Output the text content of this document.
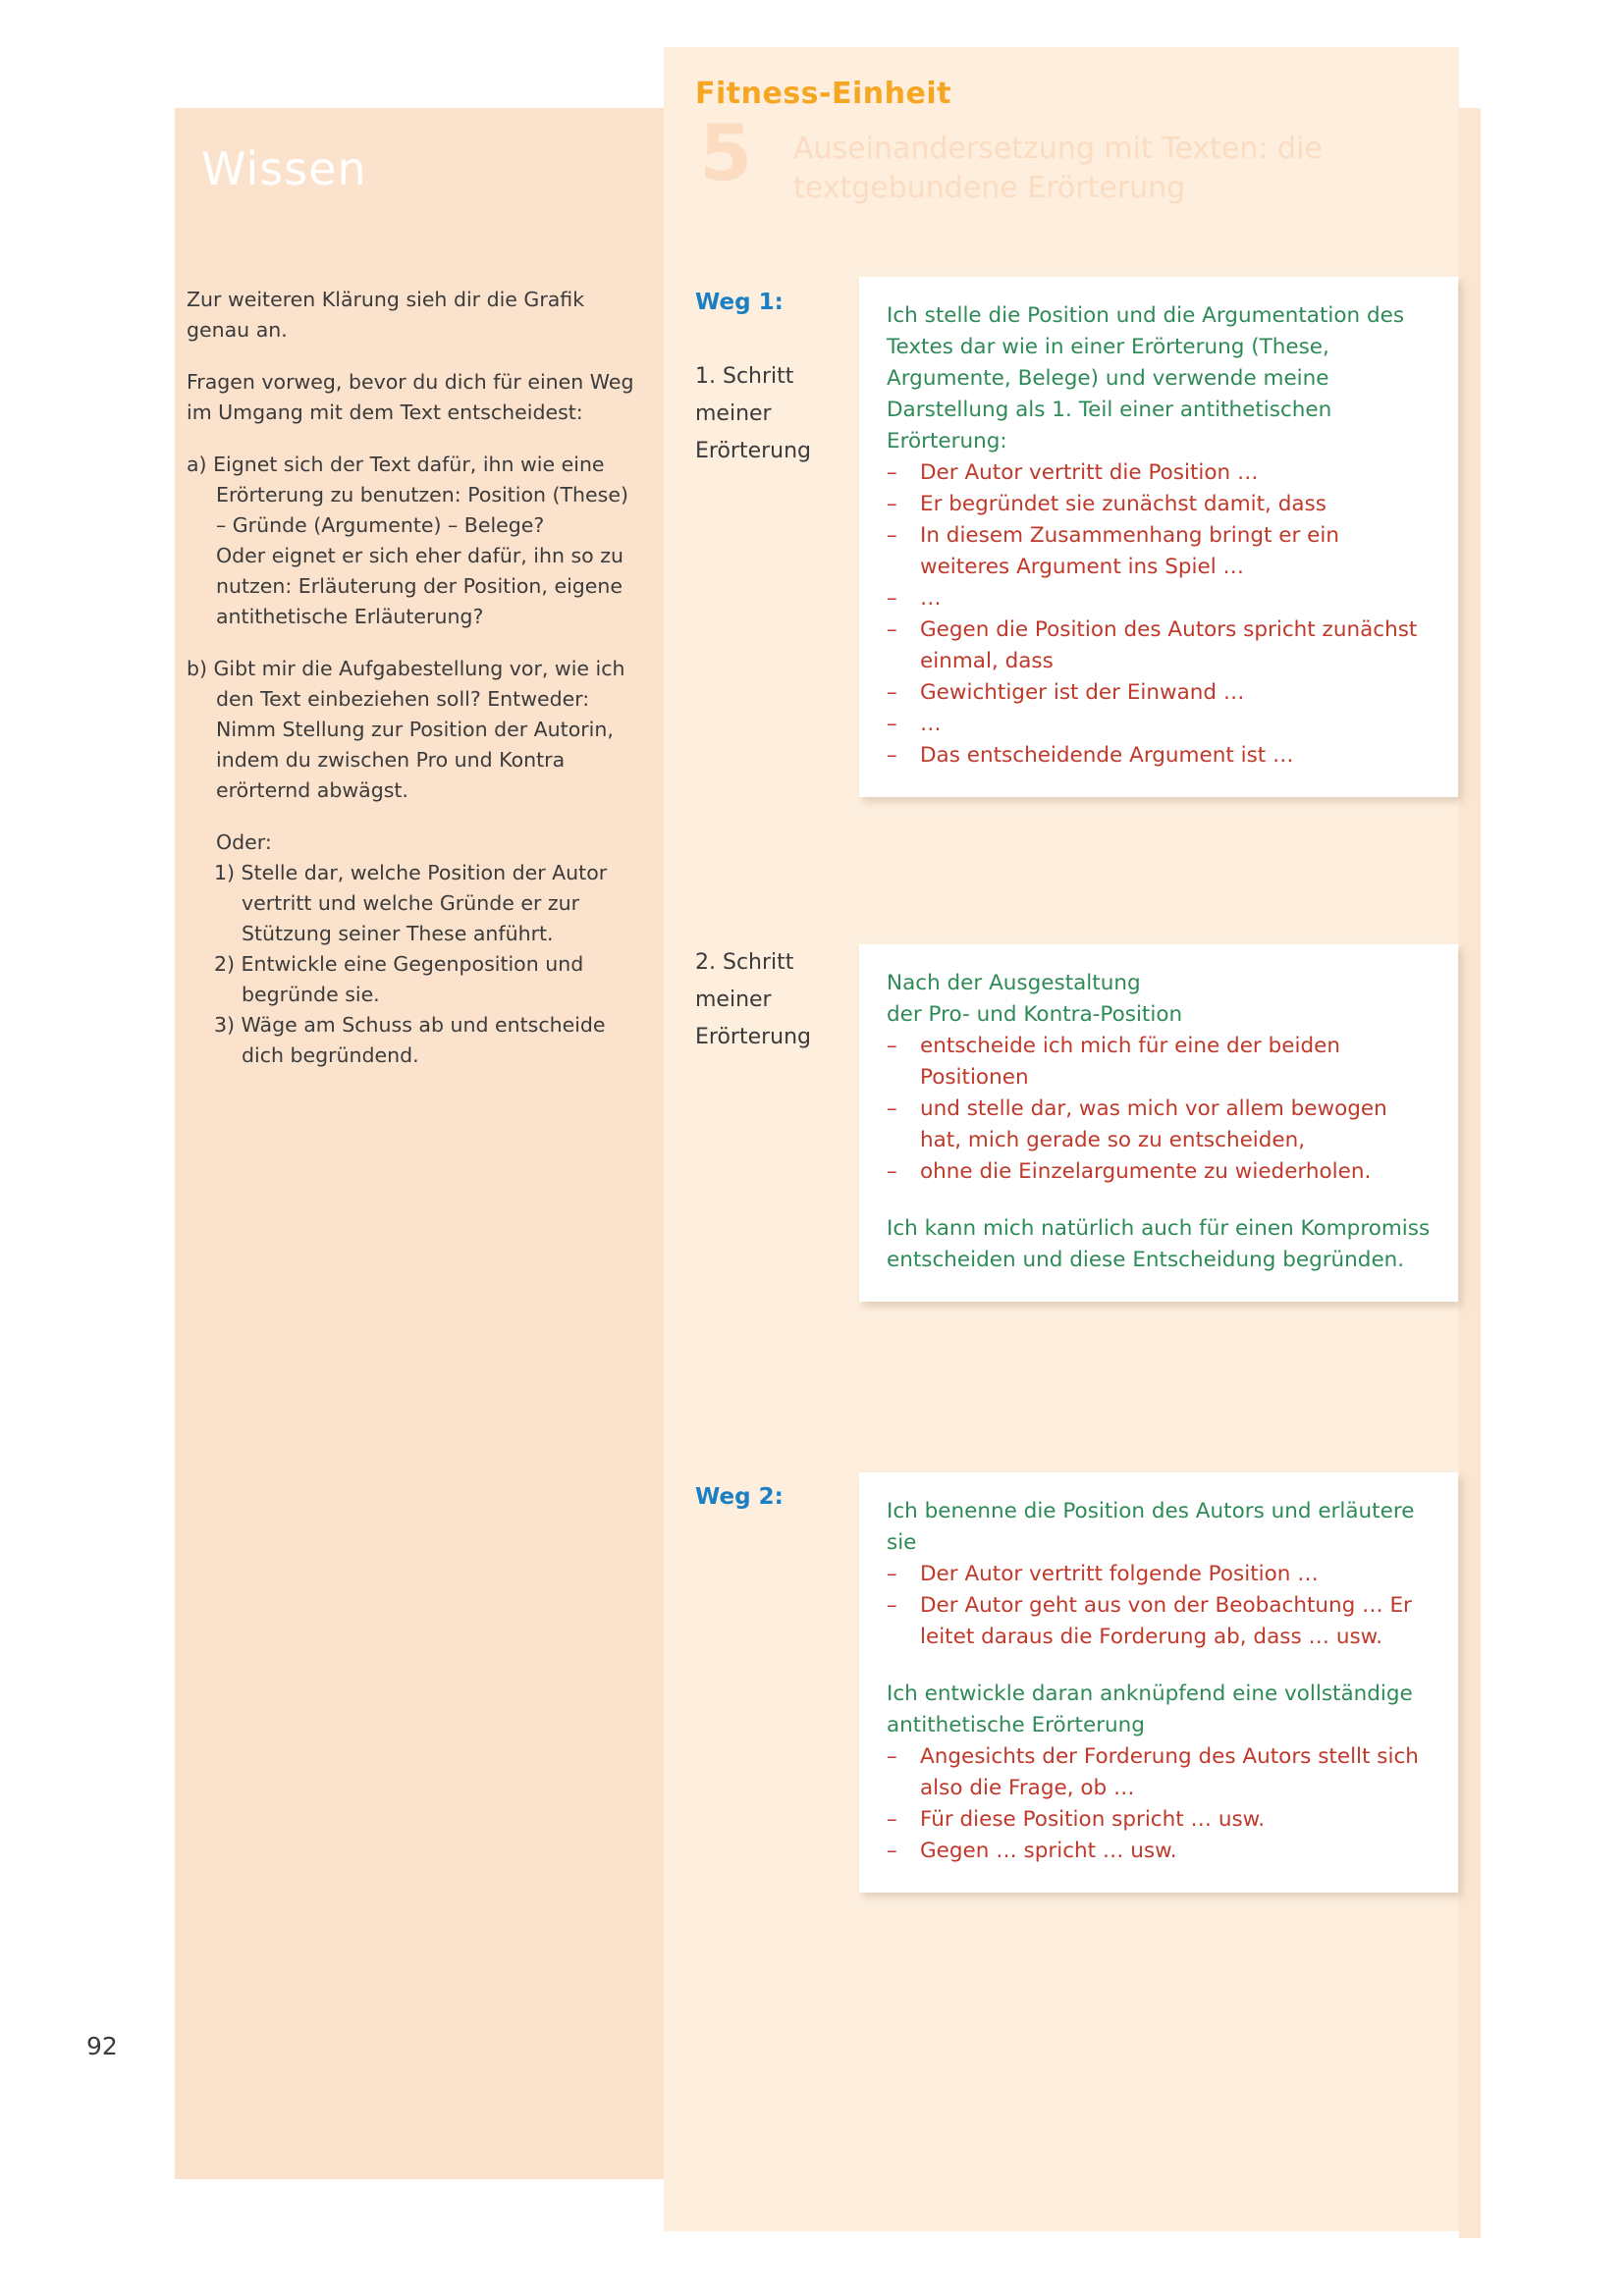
Wissen

Zur weiteren Klärung sieh dir die Grafik genau an.

Fragen vorweg, bevor du dich für einen Weg im Umgang mit dem Text entscheidest:

a) Eignet sich der Text dafür, ihn wie eine Erörterung zu benutzen: Position (These) – Gründe (Argumente) – Belege?

Oder eignet er sich eher dafür, ihn so zu nutzen: Erläuterung der Position, eigene antithetische Erläuterung?

b) Gibt mir die Aufgabestellung vor, wie ich den Text einbeziehen soll? Entweder: Nimm Stellung zur Position der Autorin, indem du zwischen Pro und Kontra erörternd abwägst.

Oder:

1) Stelle dar, welche Position der Autor vertritt und welche Gründe er zur Stützung seiner These anführt.

2) Entwickle eine Gegenposition und begründe sie.

3) Wäge am Schuss ab und entscheide dich begründend.

92
Fitness-Einheit
5 Auseinandersetzung mit Texten: die textgebundene Erörterung
Weg 1:
1. Schritt
meiner
Erörterung
2. Schritt
meiner
Erörterung
Weg 2:

Ich stelle die Position und die Argumentation des Textes dar wie in einer Erörterung (These, Argumente, Belege) und verwende meine Darstellung als 1. Teil einer antithetischen Erörterung:

– Der Autor vertritt die Position …
– Er begründet sie zunächst damit, dass
– In diesem Zusammenhang bringt er ein weiteres Argument ins Spiel …
– …
– Gegen die Position des Autors spricht zunächst einmal, dass
– Gewichtiger ist der Einwand …
– …
– Das entscheidende Argument ist …

Nach der Ausgestaltung

der Pro- und Kontra-Position

– entscheide ich mich für eine der beiden Positionen
– und stelle dar, was mich vor allem bewogen hat, mich gerade so zu entscheiden,
– ohne die Einzelargumente zu wiederholen.

Ich kann mich natürlich auch für einen Kompromiss entscheiden und diese Entscheidung begründen.

Ich benenne die Position des Autors und erläutere sie

– Der Autor vertritt folgende Position …
– Der Autor geht aus von der Beobachtung … Er leitet daraus die Forderung ab, dass … usw.

Ich entwickle daran anknüpfend eine vollständige antithetische Erörterung

– Angesichts der Forderung des Autors stellt sich also die Frage, ob …
– Für diese Position spricht … usw.
– Gegen … spricht … usw.
